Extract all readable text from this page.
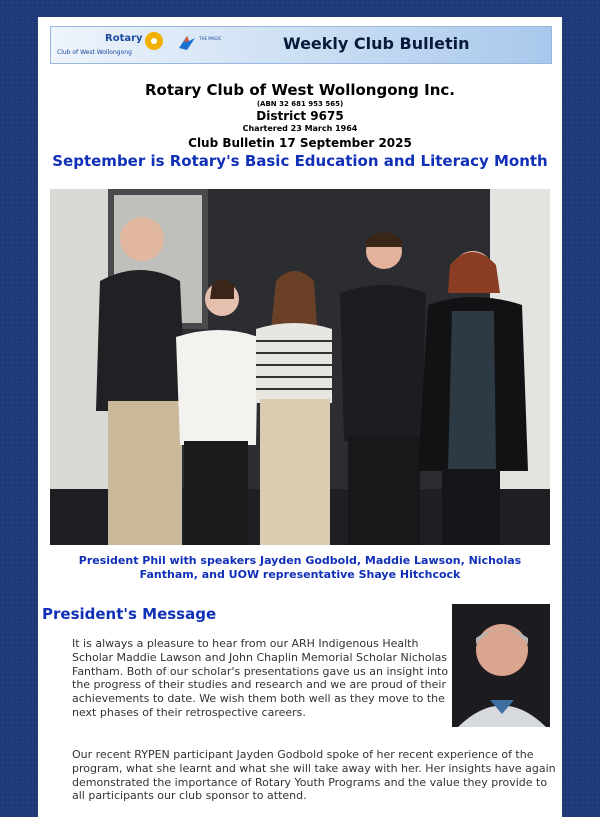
Rotary
Club of West Wollongong
THE MAGIC	Weekly Club Bulletin
Rotary Club of West Wollongong Inc.
(ABN 32 681 953 565)
District 9675
Chartered 23 March 1964
Club Bulletin 17 September 2025
September is Rotary's Basic Education and Literacy Month
President Phil with speakers Jayden Godbold, Maddie Lawson, Nicholas Fantham, and UOW representative Shaye Hitchcock
President's Message

It is always a pleasure to hear from our ARH Indigenous Health Scholar Maddie Lawson and John Chaplin Memorial Scholar Nicholas Fantham. Both of our scholar's presentations gave us an insight into the progress of their studies and research and we are proud of their achievements to date. We wish them both well as they move to the next phases of their retrospective careers.

Our recent RYPEN participant Jayden Godbold spoke of her recent experience of the program, what she learnt and what she will take away with her. Her insights have again demonstrated the importance of Rotary Youth Programs and the value they provide to all participants our club sponsor to attend.
